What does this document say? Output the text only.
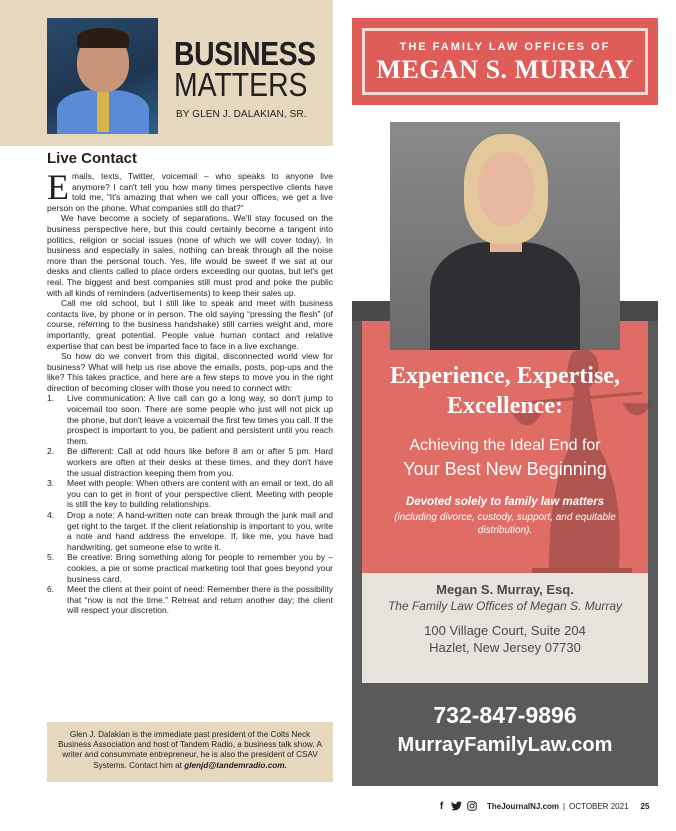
BUSINESS
MATTERS
BY GLEN J. DALAKIAN, SR.
Live Contact

Emails, texts, Twitter, voicemail – who speaks to anyone live anymore? I can't tell you how many times perspective clients have told me, “It's amazing that when we call your offices, we get a live person on the phone. What companies still do that?”

We have become a society of separations. We'll stay focused on the business perspective here, but this could certainly become a tangent into politics, religion or social issues (none of which we will cover today). In business and especially in sales, nothing can break through all the noise more than the personal touch. Yes, life would be sweet if we sat at our desks and clients called to place orders exceeding our quotas, but let's get real. The biggest and best companies still must prod and poke the public with all kinds of reminders (advertisements) to keep their sales up.

Call me old school, but I still like to speak and meet with business contacts live, by phone or in person. The old saying “pressing the flesh” (of course, referring to the business handshake) still carries weight and, more importantly, great potential. People value human contact and relative expertise that can best be imparted face to face in a live exchange.

So how do we convert from this digital, disconnected world view for business? What will help us rise above the emails, posts, pop-ups and the like? This takes practice, and here are a few steps to move you in the right direction of becoming closer with those you need to connect with:

1.	Live communication: A live call can go a long way, so don't jump to voicemail too soon. There are some people who just will not pick up the phone, but don't leave a voicemail the first few times you call. If the prospect is important to you, be patient and persistent until you reach them.
2.	Be different: Call at odd hours like before 8 am or after 5 pm. Hard workers are often at their desks at these times, and they don't have the usual distraction keeping them from you.
3.	Meet with people: When others are content with an email or text, do all you can to get in front of your perspective client. Meeting with people is still the key to building relationships.
4.	Drop a note: A hand-written note can break through the junk mail and get right to the target. If the client relationship is important to you, write a note and hand address the envelope. If, like me, you have bad handwriting, get someone else to write it.
5.	Be creative: Bring something along for people to remember you by – cookies, a pie or some practical marketing tool that goes beyond your business card.
6.	Meet the client at their point of need: Remember there is the possibility that “now is not the time.” Retreat and return another day; the client will respect your discretion.

Glen J. Dalakian is the immediate past president of the Colts Neck Business Association and host of Tandem Radio, a business talk show. A writer and consummate entrepreneur, he is also the president of CSAV Systems. Contact him at glenjd@tandemradio.com.

THE FAMILY LAW OFFICES OF
MEGAN S. MURRAY
Experience, Expertise, Excellence:
Achieving the Ideal End for
Your Best New Beginning
Devoted solely to family law matters
(including divorce, custody, support, and equitable distribution).
Megan S. Murray, Esq.
The Family Law Offices of Megan S. Murray
100 Village Court, Suite 204
Hazlet, New Jersey 07730
732-847-9896
MurrayFamilyLaw.com
f	TheJournalNJ.com | OCTOBER 2021 25
